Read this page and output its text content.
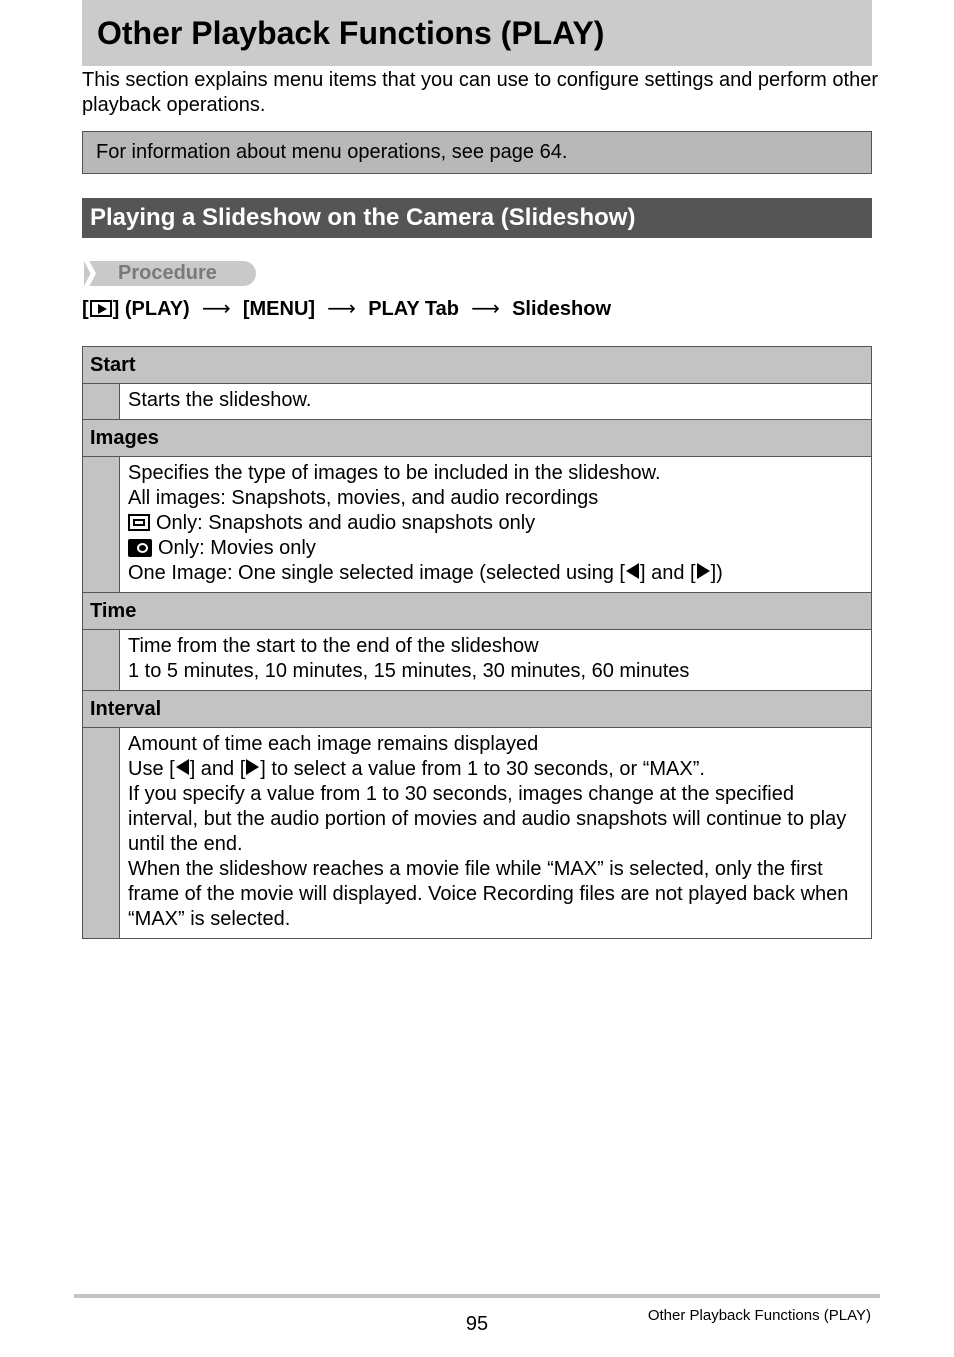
Other Playback Functions (PLAY)
This section explains menu items that you can use to configure settings and perform other playback operations.
For information about menu operations, see page 64.
Playing a Slideshow on the Camera (Slideshow)
Procedure
[ ] (PLAY) ⟶ [MENU] ⟶ PLAY Tab ⟶ Slideshow
Start

Starts the slideshow.

Images

Specifies the type of images to be included in the slideshow.

All images: Snapshots, movies, and audio recordings

Only: Snapshots and audio snapshots only

Only: Movies only

One Image: One single selected image (selected using [ ] and [ ])

Time

Time from the start to the end of the slideshow

1 to 5 minutes, 10 minutes, 15 minutes, 30 minutes, 60 minutes

Interval

Amount of time each image remains displayed

Use [ ] and [ ] to select a value from 1 to 30 seconds, or “MAX”.

If you specify a value from 1 to 30 seconds, images change at the specified interval, but the audio portion of movies and audio snapshots will continue to play until the end.

When the slideshow reaches a movie file while “MAX” is selected, only the first frame of the movie will displayed. Voice Recording files are not played back when “MAX” is selected.

95	Other Playback Functions (PLAY)
